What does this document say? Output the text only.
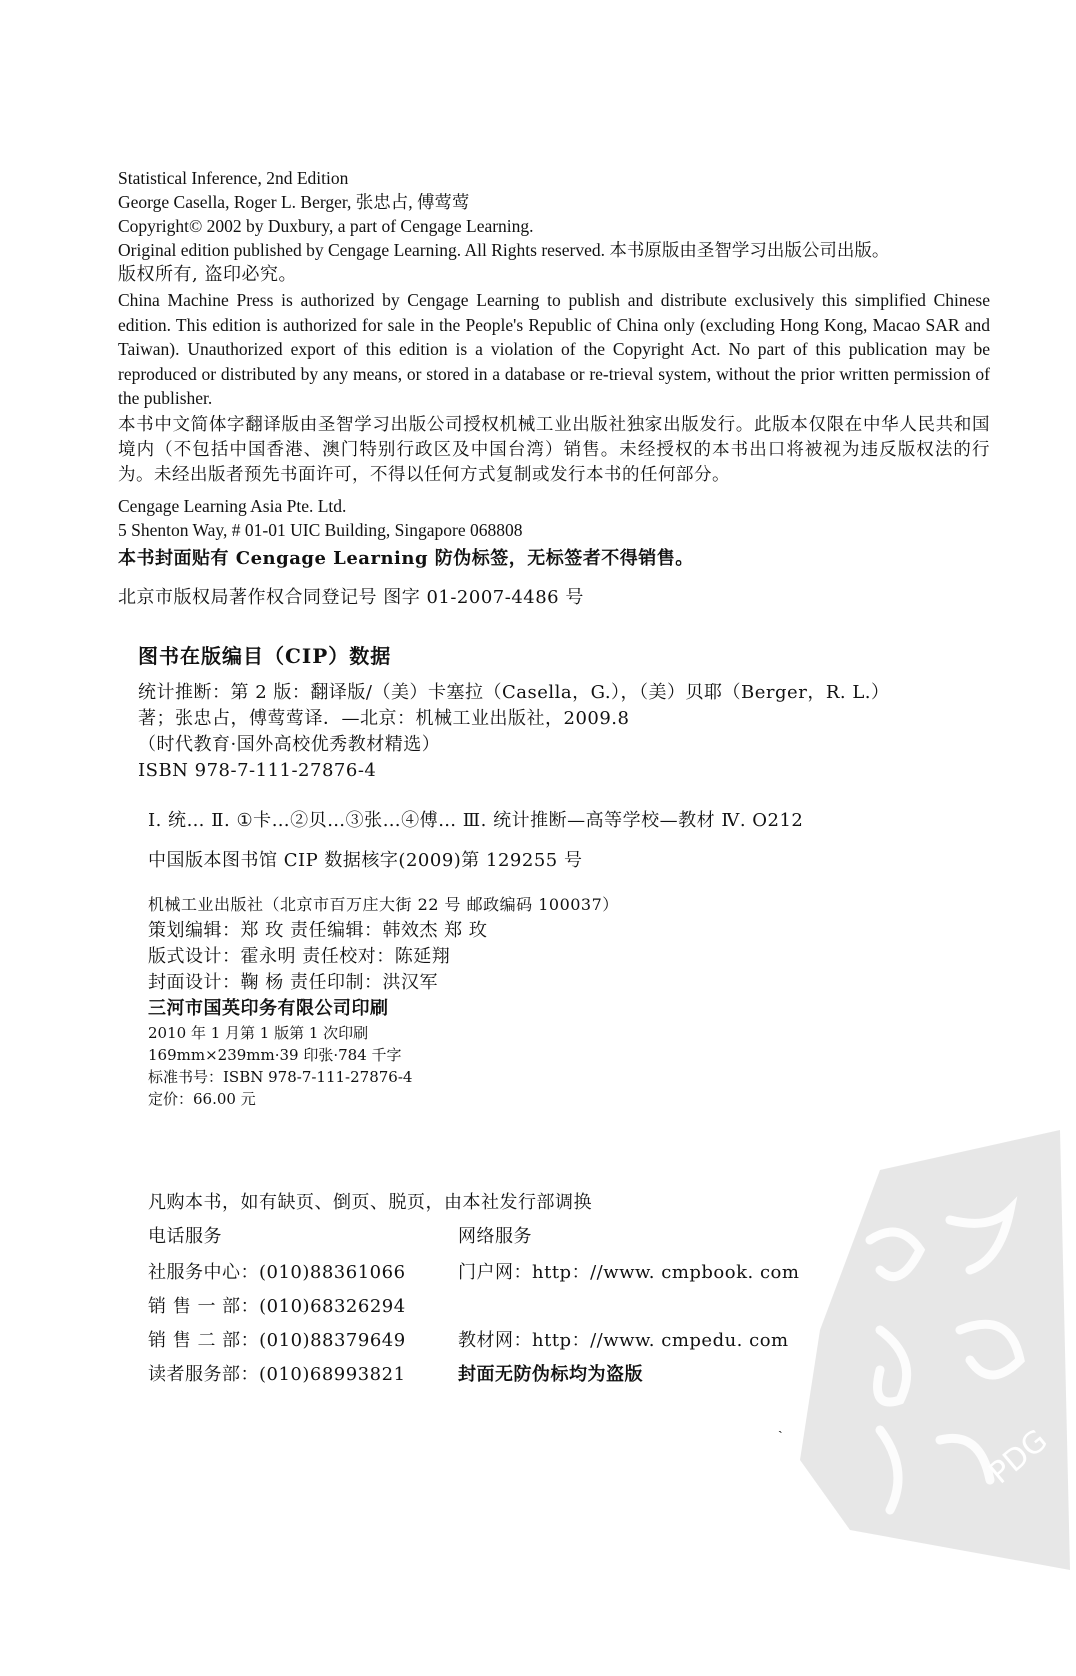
Statistical Inference, 2nd Edition
George Casella, Roger L. Berger, 张忠占, 傅莺莺
Copyright© 2002 by Duxbury, a part of Cengage Learning.
Original edition published by Cengage Learning. All Rights reserved. 本书原版由圣智学习出版公司出版。
版权所有, 盗印必究。
China Machine Press is authorized by Cengage Learning to publish and distribute exclusively this simplified Chinese edition. This edition is authorized for sale in the People's Republic of China only (excluding Hong Kong, Macao SAR and Taiwan). Unauthorized export of this edition is a violation of the Copyright Act. No part of this publication may be reproduced or distributed by any means, or stored in a database or re-trieval system, without the prior written permission of the publisher.
本书中文简体字翻译版由圣智学习出版公司授权机械工业出版社独家出版发行。此版本仅限在中华人民共和国境内（不包括中国香港、澳门特别行政区及中国台湾）销售。未经授权的本书出口将被视为违反版权法的行为。未经出版者预先书面许可，不得以任何方式复制或发行本书的任何部分。
Cengage Learning Asia Pte. Ltd.
5 Shenton Way, # 01-01 UIC Building, Singapore 068808
本书封面贴有 Cengage Learning 防伪标签，无标签者不得销售。
北京市版权局著作权合同登记号 图字 01-2007-4486 号
图书在版编目（CIP）数据
统计推断：第 2 版：翻译版/（美）卡塞拉（Casella，G.），（美）贝耶（Berger，R. L.）
著；张忠占，傅莺莺译．—北京：机械工业出版社，2009.8
（时代教育·国外高校优秀教材精选）
ISBN 978-7-111-27876-4
Ⅰ. 统… Ⅱ. ①卡…②贝…③张…④傅… Ⅲ. 统计推断—高等学校—教材 Ⅳ. O212
中国版本图书馆 CIP 数据核字(2009)第 129255 号
机械工业出版社（北京市百万庄大街 22 号 邮政编码 100037）
策划编辑：郑 玫 责任编辑：韩效杰 郑 玫
版式设计：霍永明 责任校对：陈延翔
封面设计：鞠 杨 责任印制：洪汉军
三河市国英印务有限公司印刷
2010 年 1 月第 1 版第 1 次印刷
169mm×239mm·39 印张·784 千字
标准书号：ISBN 978-7-111-27876-4
定价：66.00 元
凡购本书，如有缺页、倒页、脱页，由本社发行部调换
电话服务	网络服务
社服务中心：(010)88361066	门户网：http：//www. cmpbook. com
销 售 一 部：(010)68326294
销 售 二 部：(010)88379649	教材网：http：//www. cmpedu. com
读者服务部：(010)68993821	封面无防伪标均为盗版
ˎ	PDG
